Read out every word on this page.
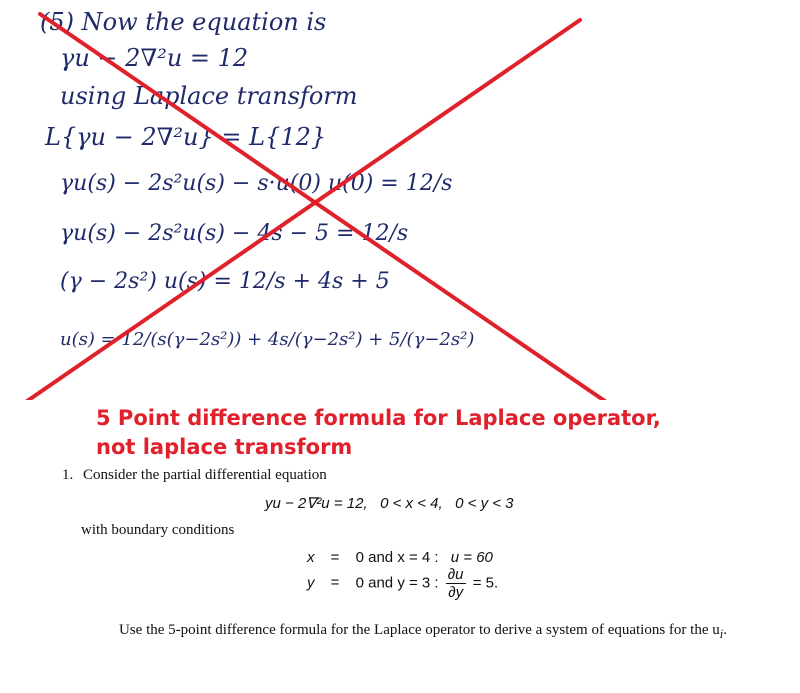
(5) Now the equation is
γu − 2∇²u = 12
using Laplace transform
L{γu − 2∇²u} = L{12}
γu(s) − 2s²u(s) − s·u(0) u(0) = 12/s
γu(s) − 2s²u(s) − 4s − 5 = 12/s
(γ − 2s²) u(s) = 12/s + 4s + 5
u(s) = 12/(s(γ−2s²)) + 4s/(γ−2s²) + 5/(γ−2s²)
5 Point difference formula for Laplace operator, not laplace transform
1. Consider the partial differential equation
yu − 2∇²u = 12,   0 < x < 4,   0 < y < 3
with boundary conditions
x = 0 and x = 4 : u = 60
y = 0 and y = 3 : $\frac{\partial u}{\partial y} = 5$.
Use the 5-point difference formula for the Laplace operator to derive a system of equations for the $u_i$.
